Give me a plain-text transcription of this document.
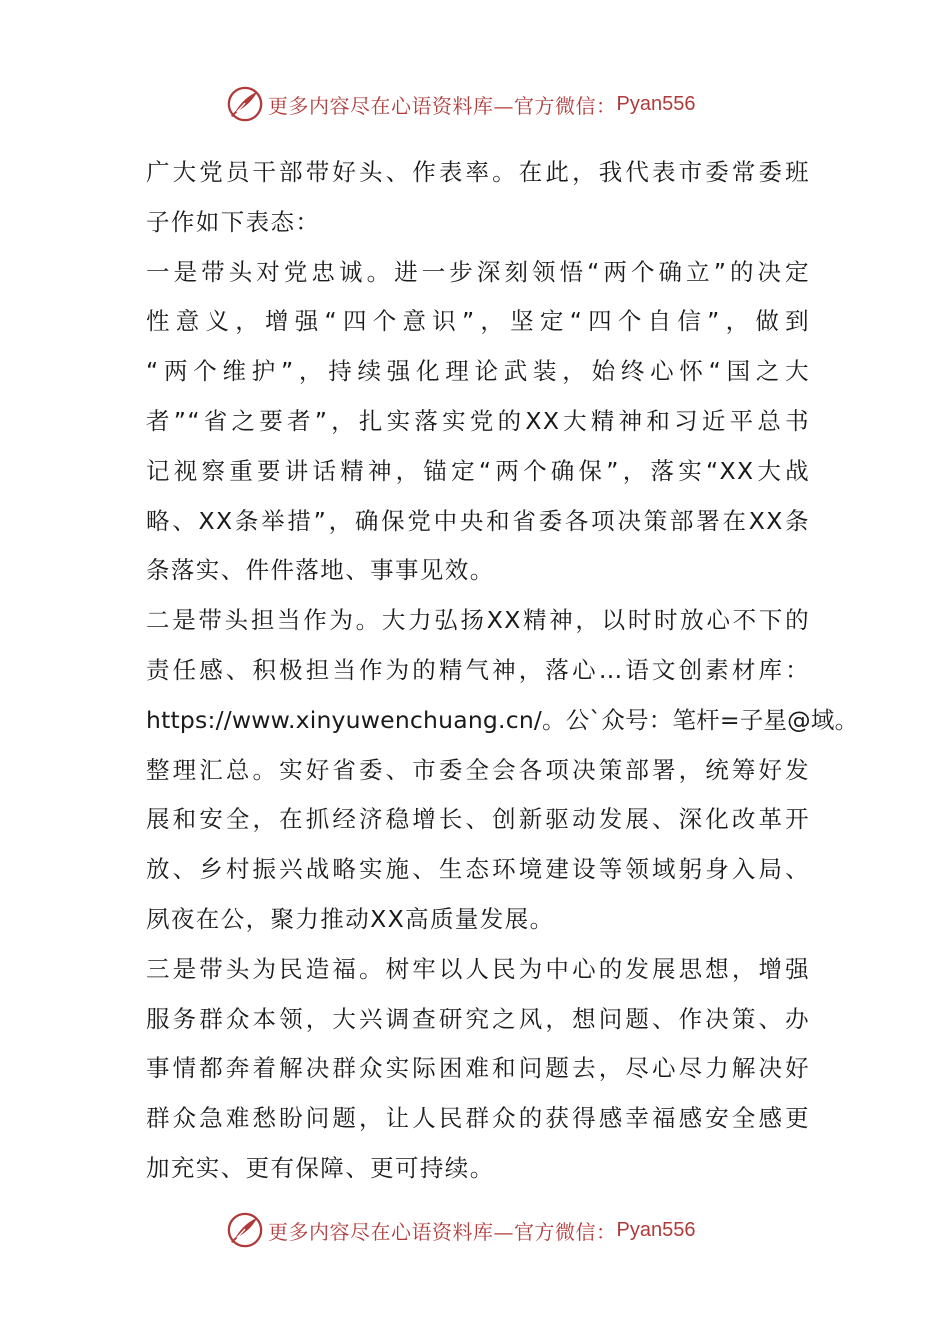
更多内容尽在心语资料库—官方微信： Pyan556
广大党员干部带好头、作表率。在此，我代表市委常委班
子作如下表态：
一是带头对党忠诚。进一步深刻领悟“两个确立”的决定
性意义，增强“四个意识”，坚定“四个自信”，做到
“两个维护”，持续强化理论武装，始终心怀“国之大
者”“省之要者”，扎实落实党的XX大精神和习近平总书
记视察重要讲话精神，锚定“两个确保”，落实“XX大战
略、XX条举措”，确保党中央和省委各项决策部署在XX条
条落实、件件落地、事事见效。
二是带头担当作为。大力弘扬XX精神，以时时放心不下的
责任感、积极担当作为的精气神，落心…语文创素材库：
https://www.xinyuwenchuang.cn/。公`众号：笔杆=子星@域。
整理汇总。实好省委、市委全会各项决策部署，统筹好发
展和安全，在抓经济稳增长、创新驱动发展、深化改革开
放、乡村振兴战略实施、生态环境建设等领域躬身入局、
夙夜在公，聚力推动XX高质量发展。
三是带头为民造福。树牢以人民为中心的发展思想，增强
服务群众本领，大兴调查研究之风，想问题、作决策、办
事情都奔着解决群众实际困难和问题去，尽心尽力解决好
群众急难愁盼问题，让人民群众的获得感幸福感安全感更
加充实、更有保障、更可持续。
更多内容尽在心语资料库—官方微信： Pyan556
